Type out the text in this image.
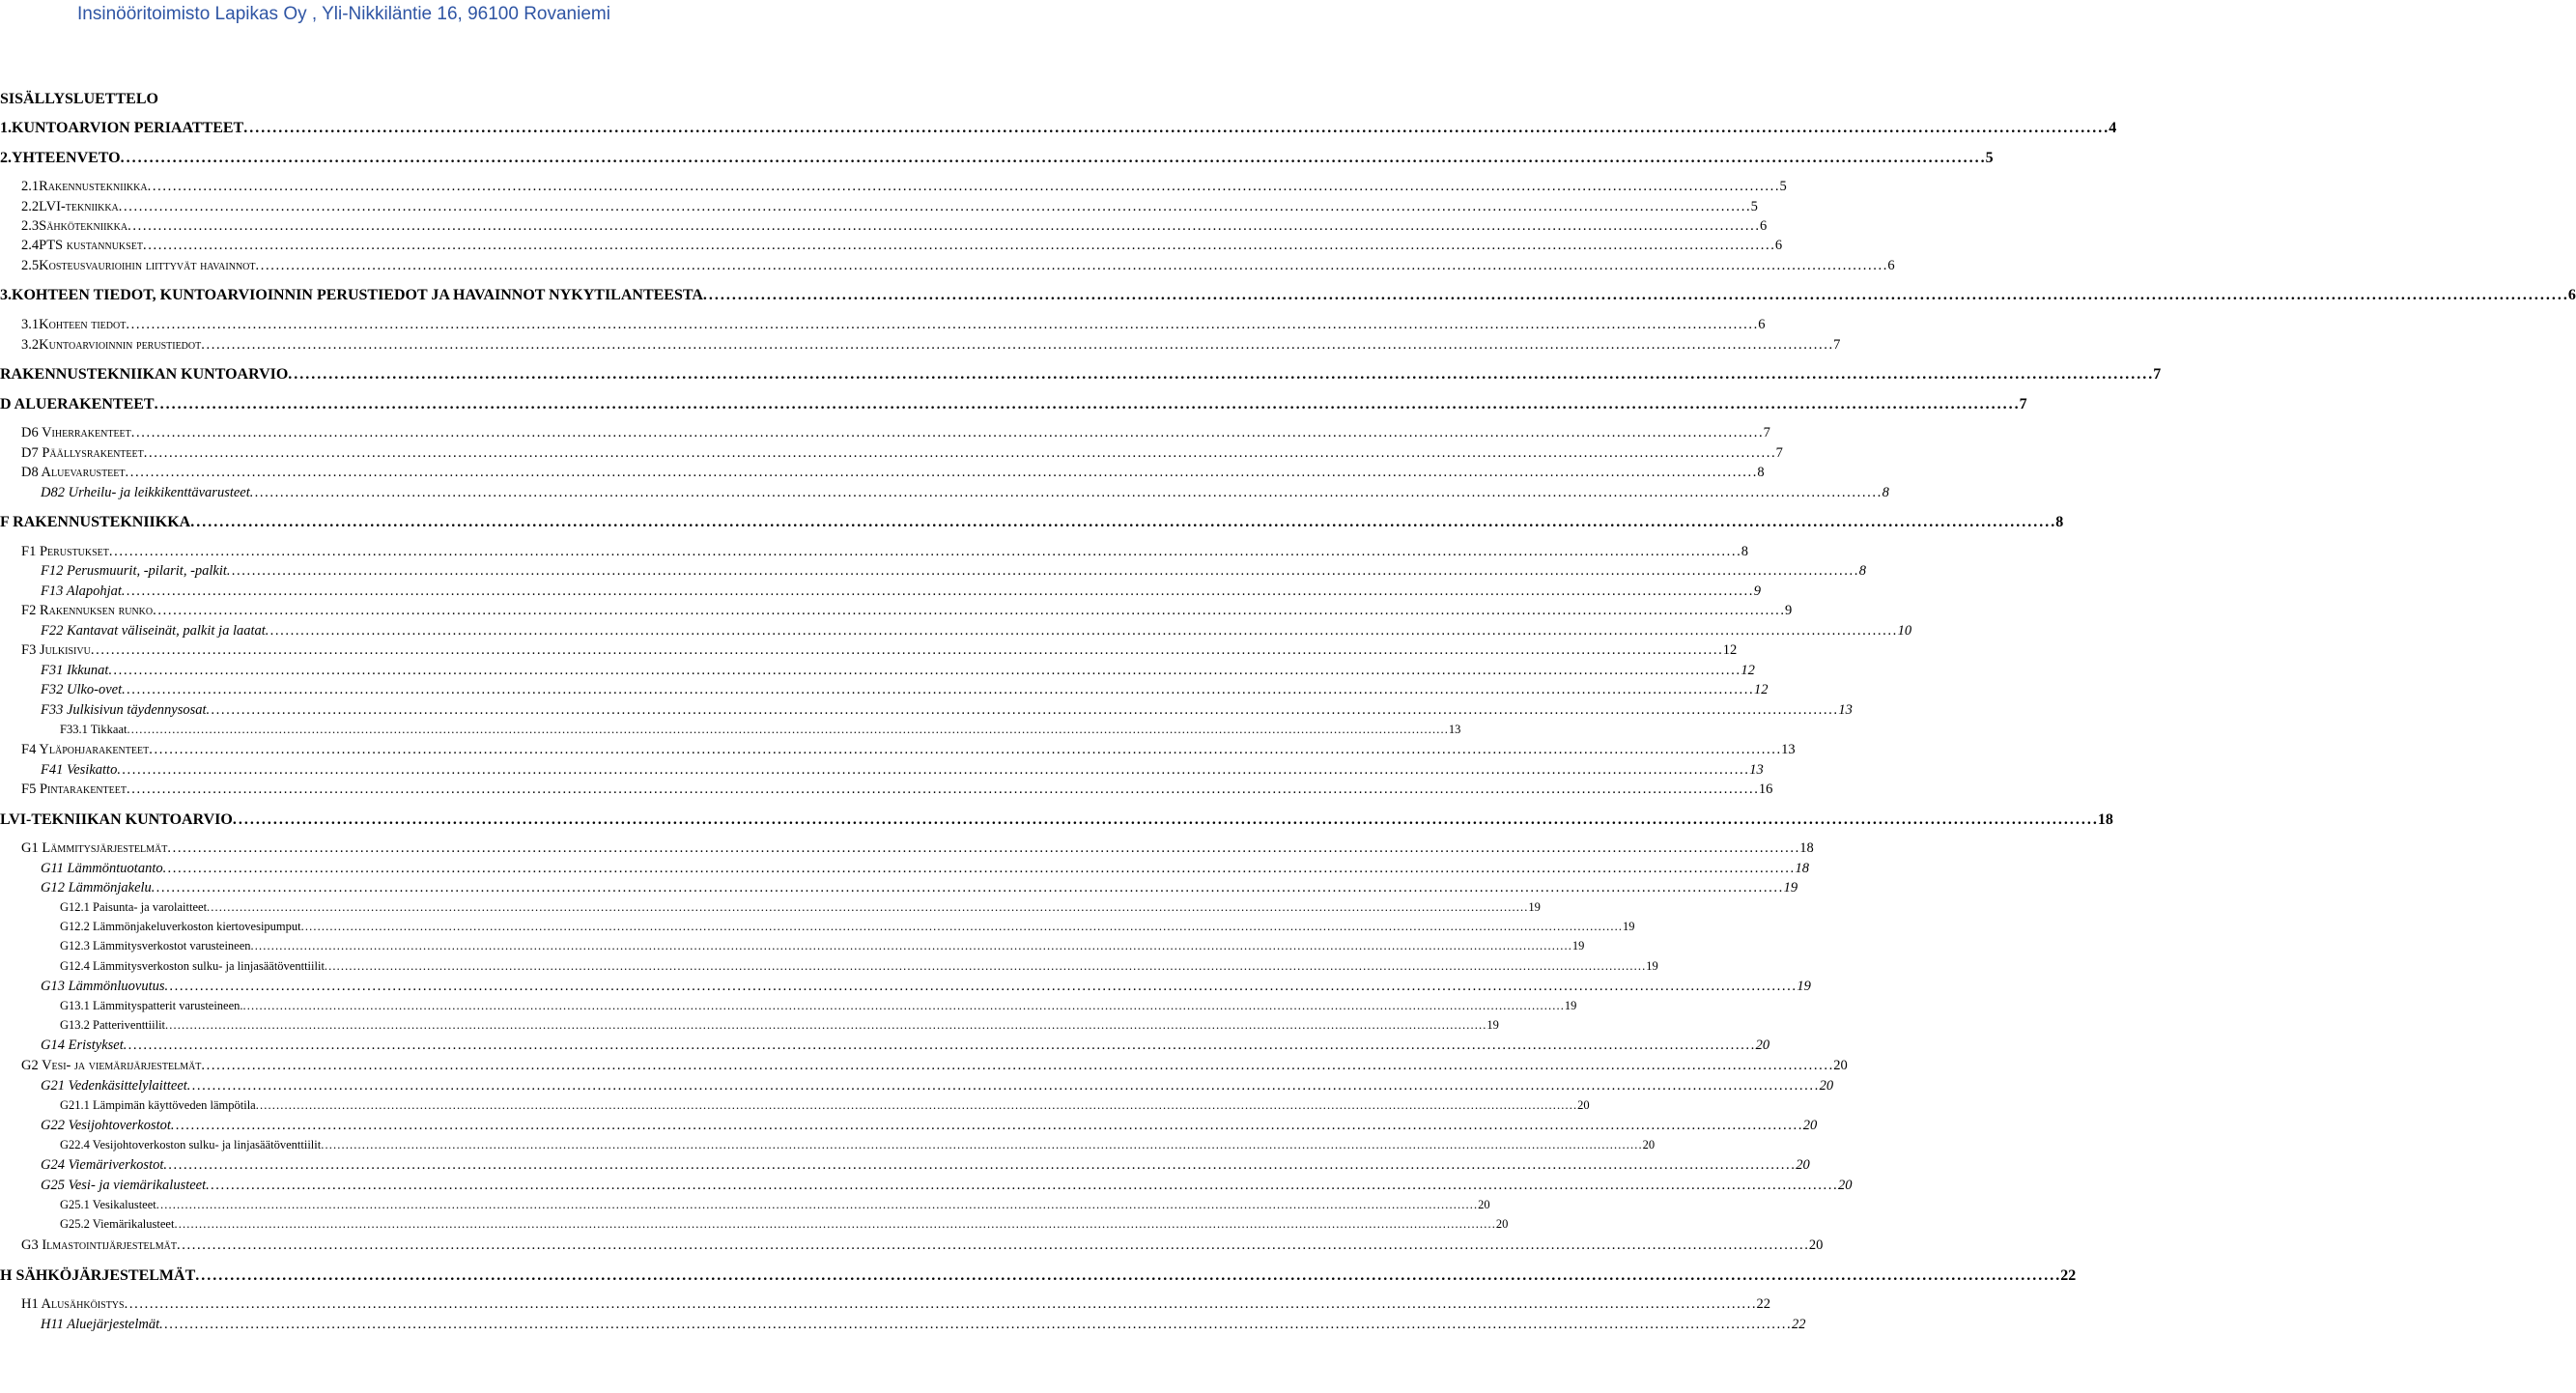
Insinööritoimisto Lapikas Oy , Yli-Nikkiläntie 16, 96100 Rovaniemi
SISÄLLYSLUETTELO
1. KUNTOARVION PERIAATTEET . . .	4
2. YHTEENVETO . . .	5
2.1 Rakennustekniikka . . .	5
2.2 LVI-tekniikka . . .	5
2.3 Sähkötekniikka . . .	6
2.4 PTS kustannukset . . .	6
2.5 Kosteusvaurioihin liittyvät havainnot . . .	6
3. KOHTEEN TIEDOT, KUNTOARVIOINNIN PERUSTIEDOT JA HAVAINNOT NYKYTILANTEESTA . . .	6
3.1 Kohteen tiedot . . .	6
3.2 Kuntoarvioinnin perustiedot . . .	7
RAKENNUSTEKNIIKAN KUNTOARVIO . . .	7
D ALUERAKENTEET . . .	7
D6 Viherrakenteet . . .	7
D7 Päällysrakenteet . . .	7
D8 Aluevarusteet . . .	8
D82 Urheilu- ja leikkikenttävarusteet . . .	8
F RAKENNUSTEKNIIKKA . . .	8
F1 Perustukset . . .	8
F12 Perusmuurit, -pilarit, -palkit . . .	8
F13 Alapohjat . . .	9
F2 Rakennuksen runko . . .	9
F22 Kantavat väliseinät, palkit ja laatat . . .	10
F3 Julkisivu . . .	12
F31 Ikkunat . . .	12
F32 Ulko-ovet . . .	12
F33 Julkisivun täydennysosat . . .	13
F33.1 Tikkaat . . .	13
F4 Yläpohjarakenteet . . .	13
F41 Vesikatto . . .	13
F5 Pintarakenteet . . .	16
LVI-TEKNIIKAN KUNTOARVIO . . .	18
G1 Lämmitysjärjestelmät . . .	18
G11 Lämmöntuotanto . . .	18
G12 Lämmönjakelu . . .	19
G12.1 Paisunta- ja varolaitteet . . .	19
G12.2 Lämmönjakeluverkoston kiertovesipumput . . .	19
G12.3 Lämmitysverkostot varusteineen . . .	19
G12.4 Lämmitysverkoston sulku- ja linjasäätöventtiilit . . .	19
G13 Lämmönluovutus . . .	19
G13.1 Lämmityspatterit varusteineen. . . .	19
G13.2 Patteriventtiilit . . .	19
G14 Eristykset . . .	20
G2 Vesi- ja viemärijärjestelmät . . .	20
G21 Vedenkäsittelylaitteet . . .	20
G21.1 Lämpimän käyttöveden lämpötila . . .	20
G22 Vesijohtoverkostot . . .	20
G22.4 Vesijohtoverkoston sulku- ja linjasäätöventtiilit . . .	20
G24 Viemäriverkostot . . .	20
G25 Vesi- ja viemärikalusteet . . .	20
G25.1 Vesikalusteet . . .	20
G25.2 Viemärikalusteet . . .	20
G3 Ilmastointijärjestelmät . . .	20
H SÄHKÖJÄRJESTELMÄT . . .	22
H1 Alusähköistys . . .	22
H11 Aluejärjestelmät . . .	22
